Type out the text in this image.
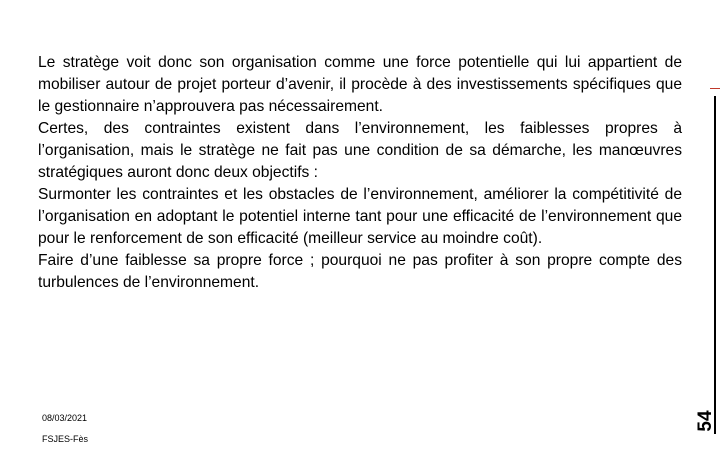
Le stratège voit donc son organisation comme une force potentielle qui lui appartient de mobiliser autour de projet porteur d’avenir, il procède à des investissements spécifiques que le gestionnaire n’approuvera pas nécessairement.

Certes, des contraintes existent dans l’environnement, les faiblesses propres à l’organisation, mais le stratège ne fait pas une condition de sa démarche, les manœuvres stratégiques auront donc deux objectifs :

Surmonter les contraintes et les obstacles de l’environnement, améliorer la compétitivité de l’organisation en adoptant le potentiel interne tant pour une efficacité de l’environnement que pour le renforcement de son efficacité (meilleur service au moindre coût).

Faire d’une faiblesse sa propre force ; pourquoi ne pas profiter à son propre compte des turbulences de l’environnement.

08/03/2021
FSJES-Fès
54
